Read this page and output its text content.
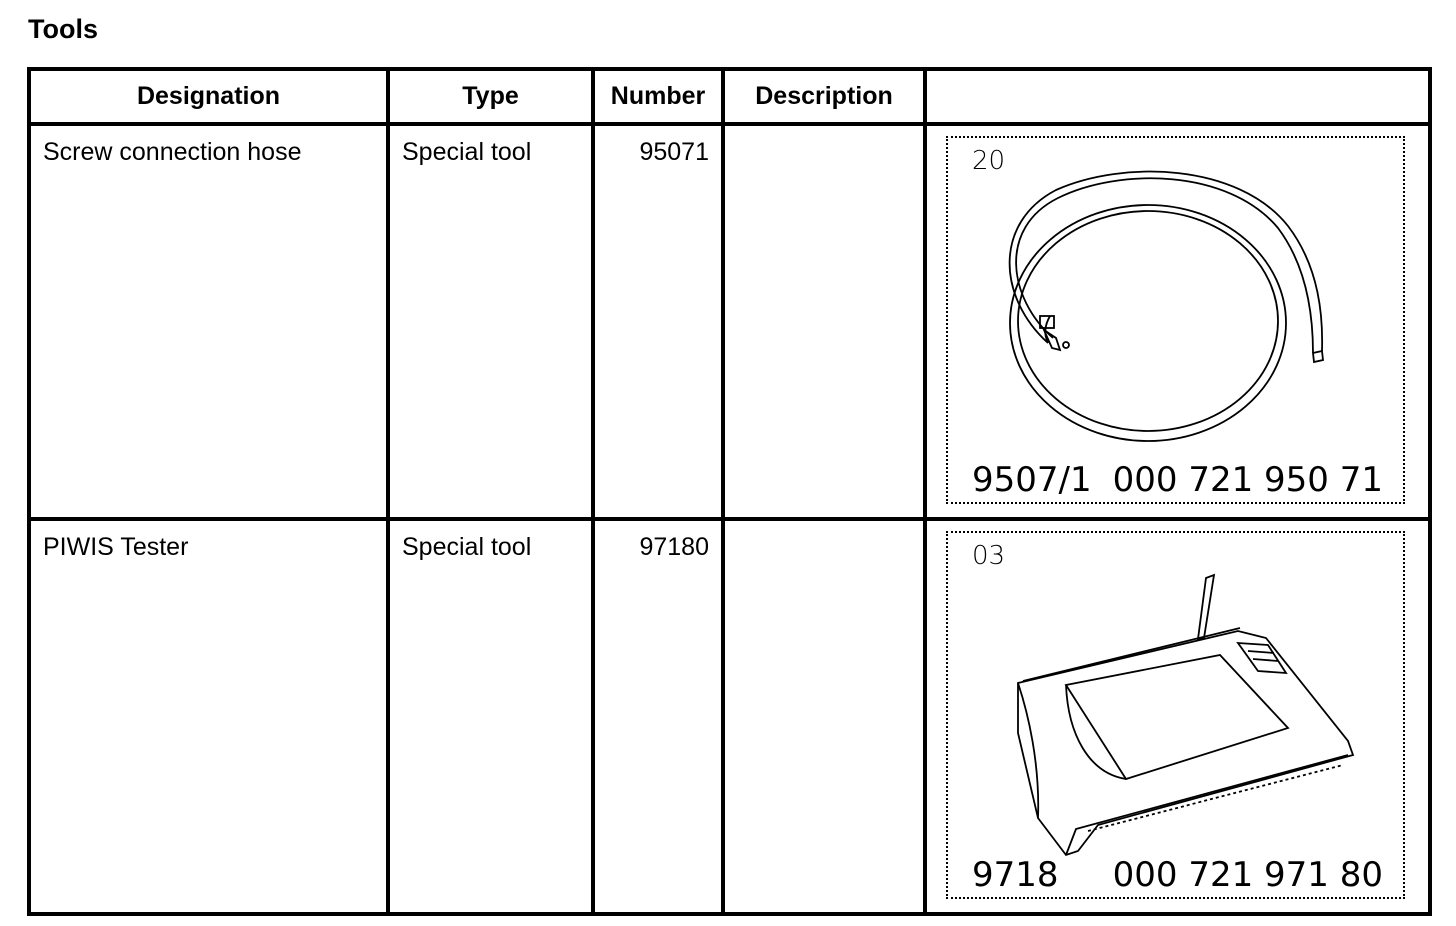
Tools
Designation	Type	Number	Description	

Screw connection hose	Special tool	95071		20
9507/1 000 721 950 71

PIWIS Tester	Special tool	97180		03
9718 000 721 971 80
